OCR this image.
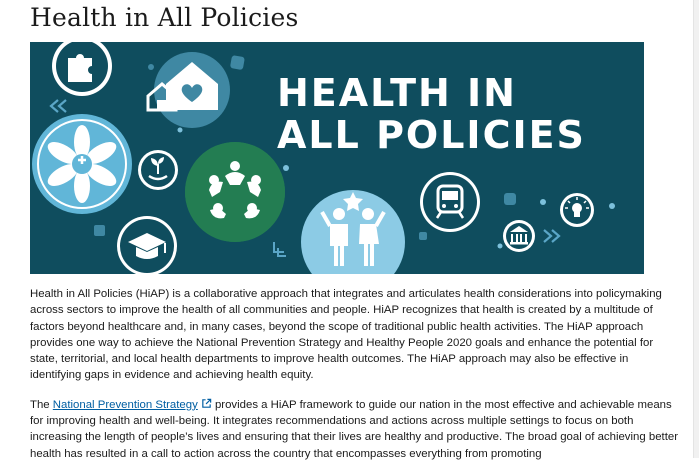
Health in All Policies
HEALTH IN
ALL POLICIES

Health in All Policies (HiAP) is a collaborative approach that integrates and articulates health considerations into policymaking across sectors to improve the health of all communities and people. HiAP recognizes that health is created by a multitude of factors beyond healthcare and, in many cases, beyond the scope of traditional public health activities. The HiAP approach provides one way to achieve the National Prevention Strategy and Healthy People 2020 goals and enhance the potential for state, territorial, and local health departments to improve health outcomes. The HiAP approach may also be effective in identifying gaps in evidence and achieving health equity.

The National Prevention Strategy provides a HiAP framework to guide our nation in the most effective and achievable means for improving health and well-being. It integrates recommendations and actions across multiple settings to focus on both increasing the length of people’s lives and ensuring that their lives are healthy and productive. The broad goal of achieving better health has resulted in a call to action across the country that encompasses everything from promoting
